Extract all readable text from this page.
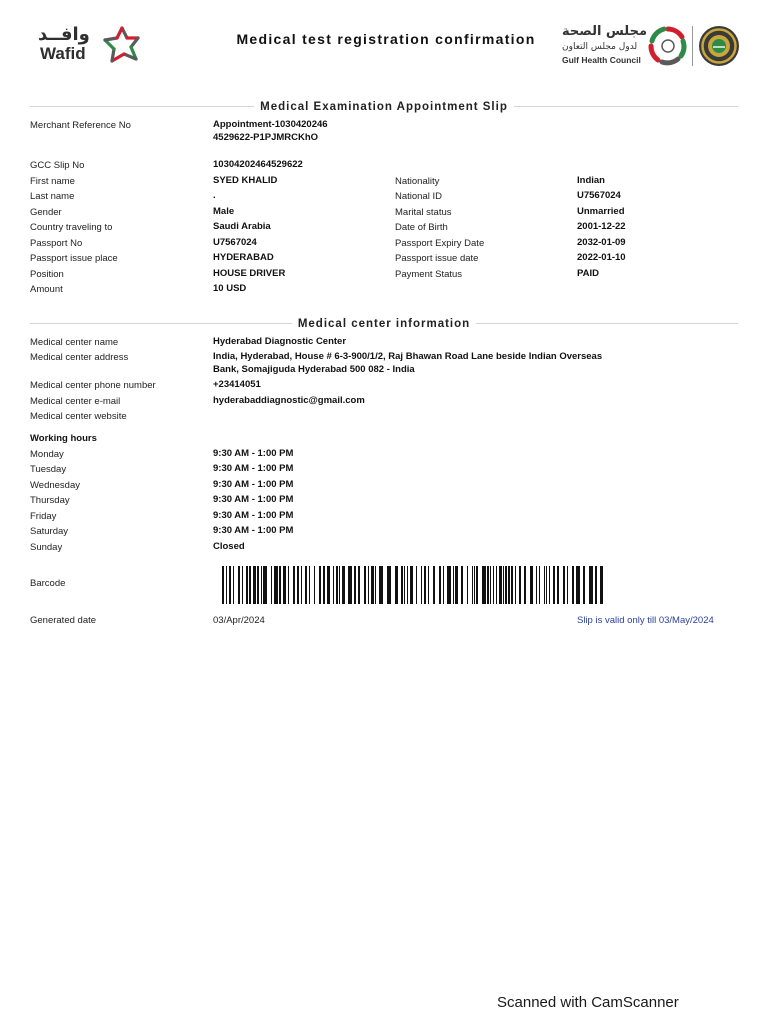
وافــد
Wafid
Medical test registration confirmation	مجلس الصحة
لدول مجلس التعاون
Gulf Health Council
Medical Examination Appointment Slip
Merchant Reference No	Appointment-10304202464529622-P1PJMRCKhO
GCC Slip No	10304202464529622
First name	SYED KHALID	Nationality	Indian
Last name	.	National ID	U7567024
Gender	Male	Marital status	Unmarried
Country traveling to	Saudi Arabia	Date of Birth	2001-12-22
Passport No	U7567024	Passport Expiry Date	2032-01-09
Passport issue place	HYDERABAD	Passport issue date	2022-01-10
Position	HOUSE DRIVER	Payment Status	PAID
Amount	10 USD
Medical center information
Medical center name	Hyderabad Diagnostic Center
Medical center address	India, Hyderabad, House # 6-3-900/1/2, Raj Bhawan Road Lane beside Indian Overseas Bank, Somajiguda Hyderabad 500 082 - India
Medical center phone number	+23414051
Medical center e-mail	hyderabaddiagnostic@gmail.com
Medical center website
Working hours
Monday	9:30 AM - 1:00 PM
Tuesday	9:30 AM - 1:00 PM
Wednesday	9:30 AM - 1:00 PM
Thursday	9:30 AM - 1:00 PM
Friday	9:30 AM - 1:00 PM
Saturday	9:30 AM - 1:00 PM
Sunday	Closed
Barcode
Generated date	03/Apr/2024	Slip is valid only till 03/May/2024
Scanned with CamScanner
